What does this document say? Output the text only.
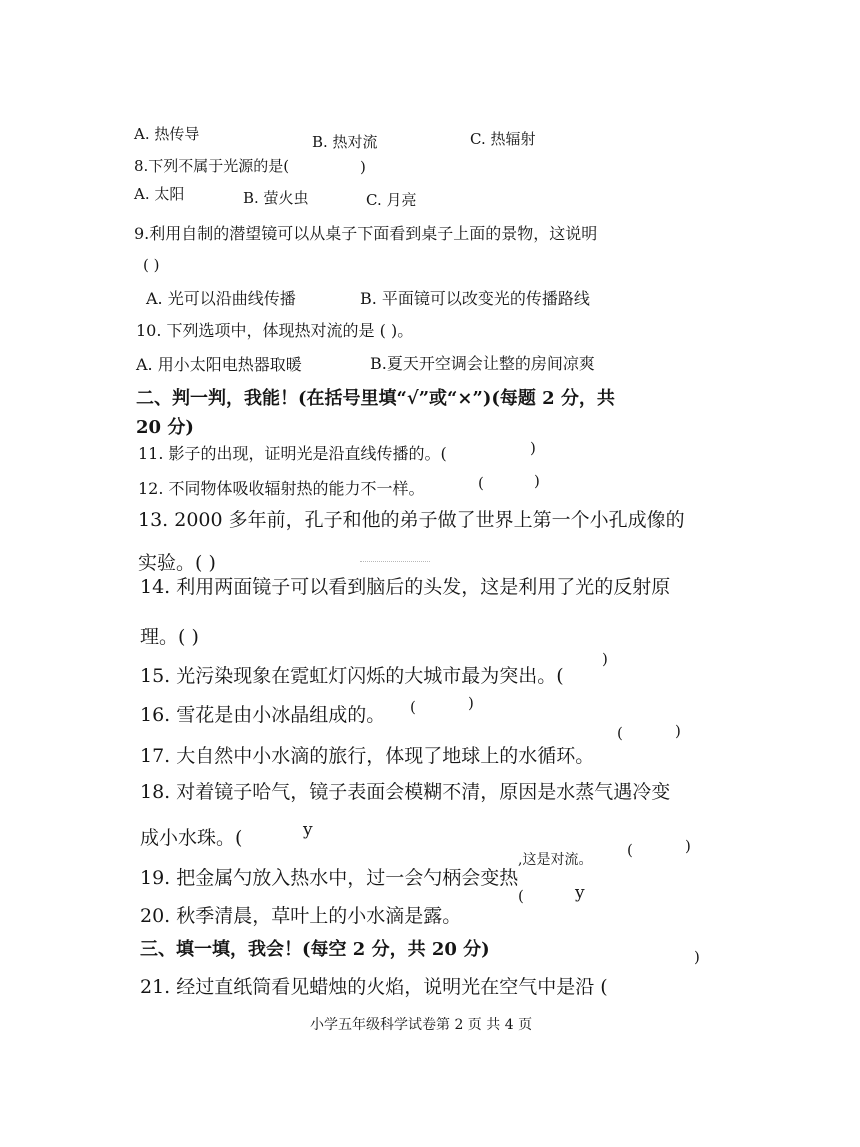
A. 热传导	B. 热对流	C. 热辐射
8.下列不属于光源的是(	)
A. 太阳	B. 萤火虫	C. 月亮
9.利用自制的潜望镜可以从桌子下面看到桌子上面的景物，这说明
( )
A. 光可以沿曲线传播	B. 平面镜可以改变光的传播路线
10. 下列选项中，体现热对流的是 ( )。
A. 用小太阳电热器取暖	B.夏天开空调会让整的房间凉爽
二、判一判，我能！(在括号里填“√”或“×”)(每题 2 分，共
20 分)
11. 影子的出现，证明光是沿直线传播的。(	)
12. 不同物体吸收辐射热的能力不一样。	(	)
13. 2000 多年前，孔子和他的弟子做了世界上第一个小孔成像的
实验。( )
14. 利用两面镜子可以看到脑后的头发，这是利用了光的反射原
理。( )
15. 光污染现象在霓虹灯闪烁的大城市最为突出。(
)
16. 雪花是由小冰晶组成的。 (	)
17. 大自然中小水滴的旅行，体现了地球上的水循环。
(	)
18. 对着镜子哈气，镜子表面会模糊不清，原因是水蒸气遇冷变
成小水珠。(	y
19. 把金属勺放入热水中，过一会勺柄会变热
,这是对流。
(	)
20. 秋季清晨，草叶上的小水滴是露。
(	y
三、填一填，我会！(每空 2 分，共 20 分)
21. 经过直纸筒看见蜡烛的火焰，说明光在空气中是沿 (
)
小学五年级科学试卷第 2 页 共 4 页
